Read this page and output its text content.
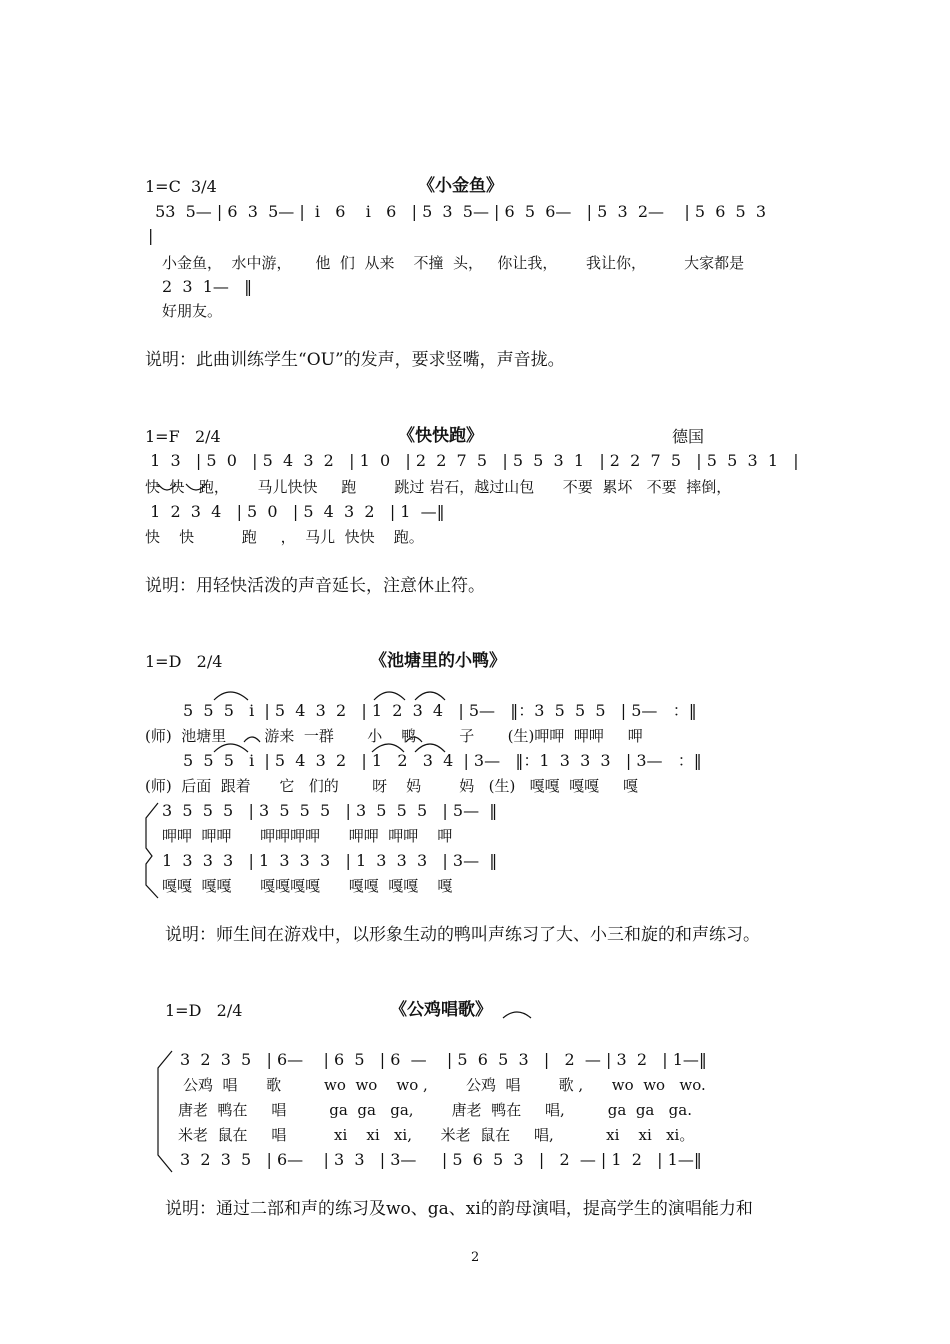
1=C  3/4	《小金鱼》
53  5— | 6  3  5— |  i   6    i   6   | 5  3  5— | 6  5  6—   | 5  3  2—    | 5  6  5  3
|
小金鱼，  水中游，     他  们  从来    不撞  头，   你让我，      我让你，        大家都是
2  3  1—   ‖
好朋友。
说明：此曲训练学生“OU”的发声，要求竖嘴，声音拢。
1=F   2/4	《快快跑》	德国
1  3   | 5  0   | 5  4  3  2   | 1  0   | 2  2  7  5   | 5  5  3  1   | 2  2  7  5   | 5  5  3  1   |
快  快   跑，      马儿快快     跑        跳过 岩石，越过山包      不要  累坏   不要  摔倒，
1  2  3  4   | 5  0   | 5  4  3  2   | 1  —‖
快    快          跑     ，  马儿  快快    跑。
说明：用轻快活泼的声音延长，注意休止符。
1=D   2/4	《池塘里的小鸭》
5  5  5   i  | 5  4  3  2   | 1  2  3  4   | 5—   ‖：3  5  5  5   | 5—   ：‖
(师)  池塘里        游来  一群       小    鸭         子       (生)呷呷  呷呷     呷
5  5  5   i  | 5  4  3  2   | 1   2   3  4  | 3—   ‖：1  3  3  3   | 3—   ：‖
(师)  后面  跟着      它   们的       呀    妈        妈   (生)   嘎嘎  嘎嘎     嘎
3  5  5  5   | 3  5  5  5   | 3  5  5  5   | 5—  ‖
呷呷  呷呷      呷呷呷呷      呷呷  呷呷    呷
1  3  3  3   | 1  3  3  3   | 1  3  3  3   | 3—  ‖
嘎嘎  嘎嘎      嘎嘎嘎嘎      嘎嘎  嘎嘎    嘎
说明：师生间在游戏中，以形象生动的鸭叫声练习了大、小三和旋的和声练习。
1=D   2/4	《公鸡唱歌》
3  2  3  5   | 6—    | 6  5   | 6  —    | 5  6  5  3   |   2  — | 3  2   | 1—‖
公鸡  唱      歌         wo  wo    wo ,        公鸡  唱        歌 ,      wo  wo   wo.
唐老  鸭在     唱         ga  ga   ga,        唐老  鸭在     唱,         ga  ga   ga.
米老  鼠在     唱          xi    xi   xi,      米老  鼠在     唱,           xi    xi   xi。
3  2  3  5   | 6—    | 3  3   | 3—     | 5  6  5  3   |   2  — | 1  2   | 1—‖
说明：通过二部和声的练习及wo、ga、xi的韵母演唱，提高学生的演唱能力和
2
